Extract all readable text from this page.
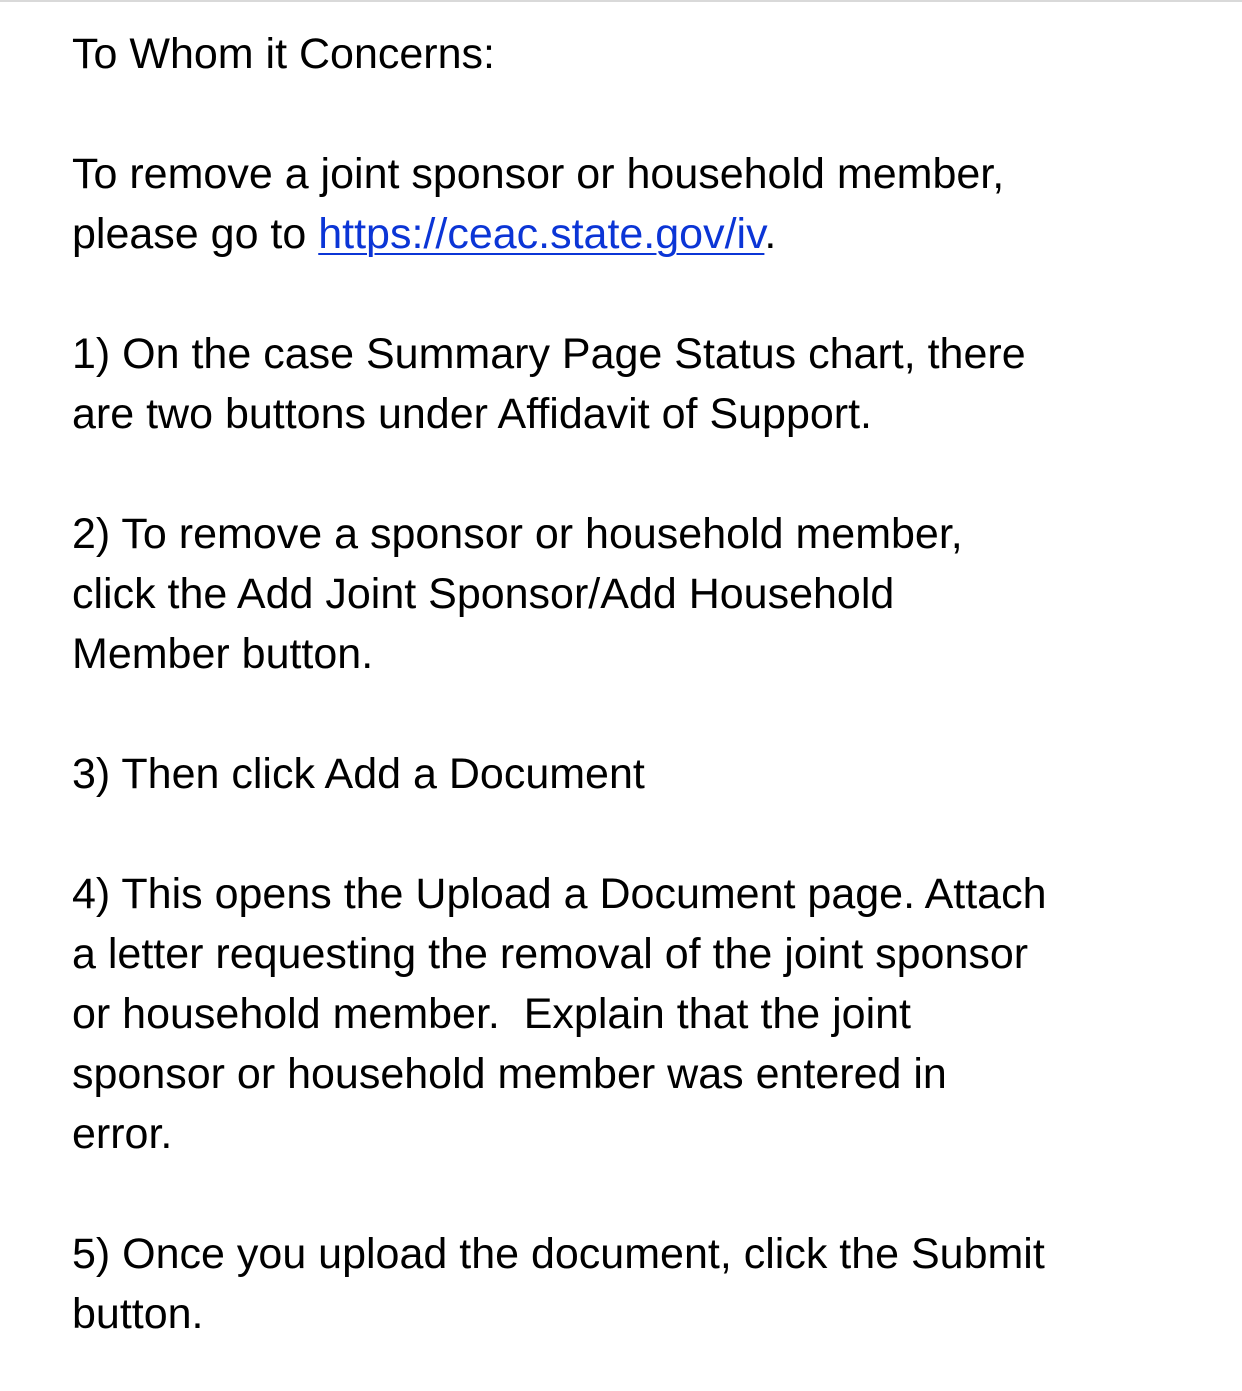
To Whom it Concerns:

To remove a joint sponsor or household member,
please go to https://ceac.state.gov/iv.

1) On the case Summary Page Status chart, there
are two buttons under Affidavit of Support.

2) To remove a sponsor or household member,
click the Add Joint Sponsor/Add Household
Member button.

3) Then click Add a Document

4) This opens the Upload a Document page. Attach
a letter requesting the removal of the joint sponsor
or household member.  Explain that the joint
sponsor or household member was entered in
error.

5) Once you upload the document, click the Submit
button.
